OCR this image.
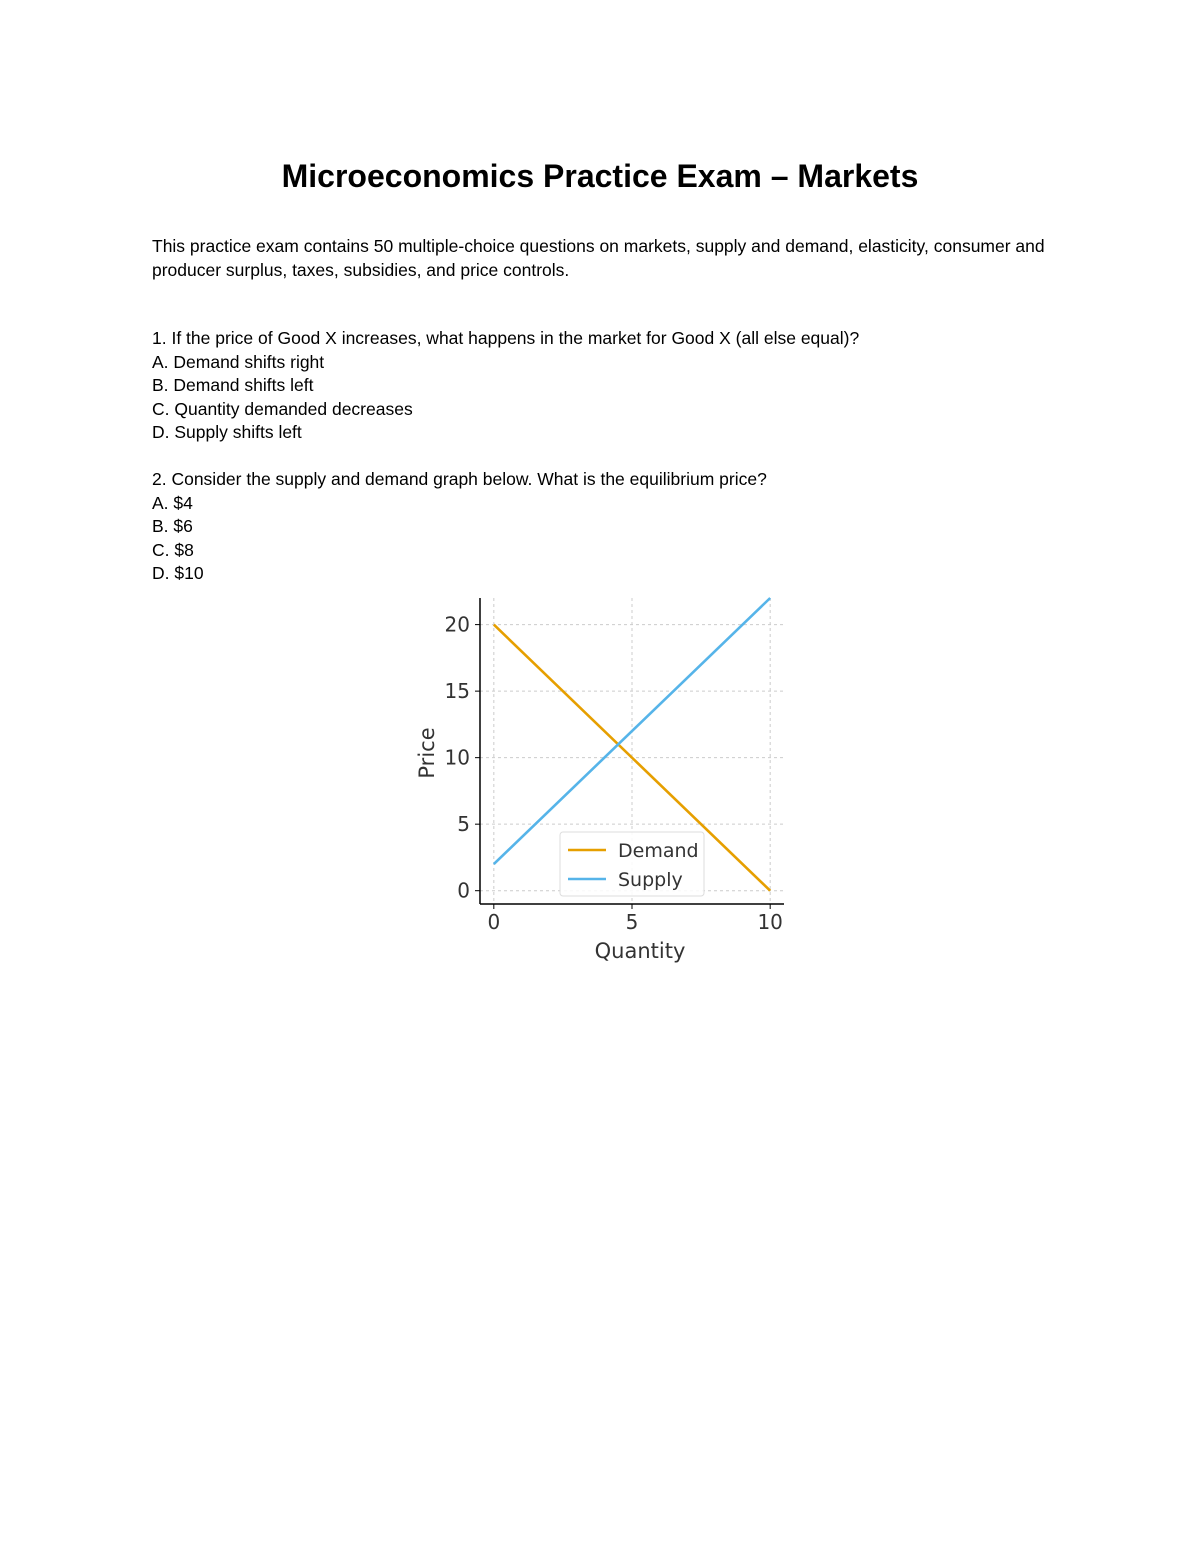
Microeconomics Practice Exam – Markets

This practice exam contains 50 multiple-choice questions on markets, supply and demand, elasticity, consumer and producer surplus, taxes, subsidies, and price controls.

1. If the price of Good X increases, what happens in the market for Good X (all else equal)?
A. Demand shifts right
B. Demand shifts left
C. Quantity demanded decreases
D. Supply shifts left
2. Consider the supply and demand graph below. What is the equilibrium price?
A. $4
B. $6
C. $8
D. $10
0	5	10
0
5
10
15
20
Quantity
Price
Demand
Supply
